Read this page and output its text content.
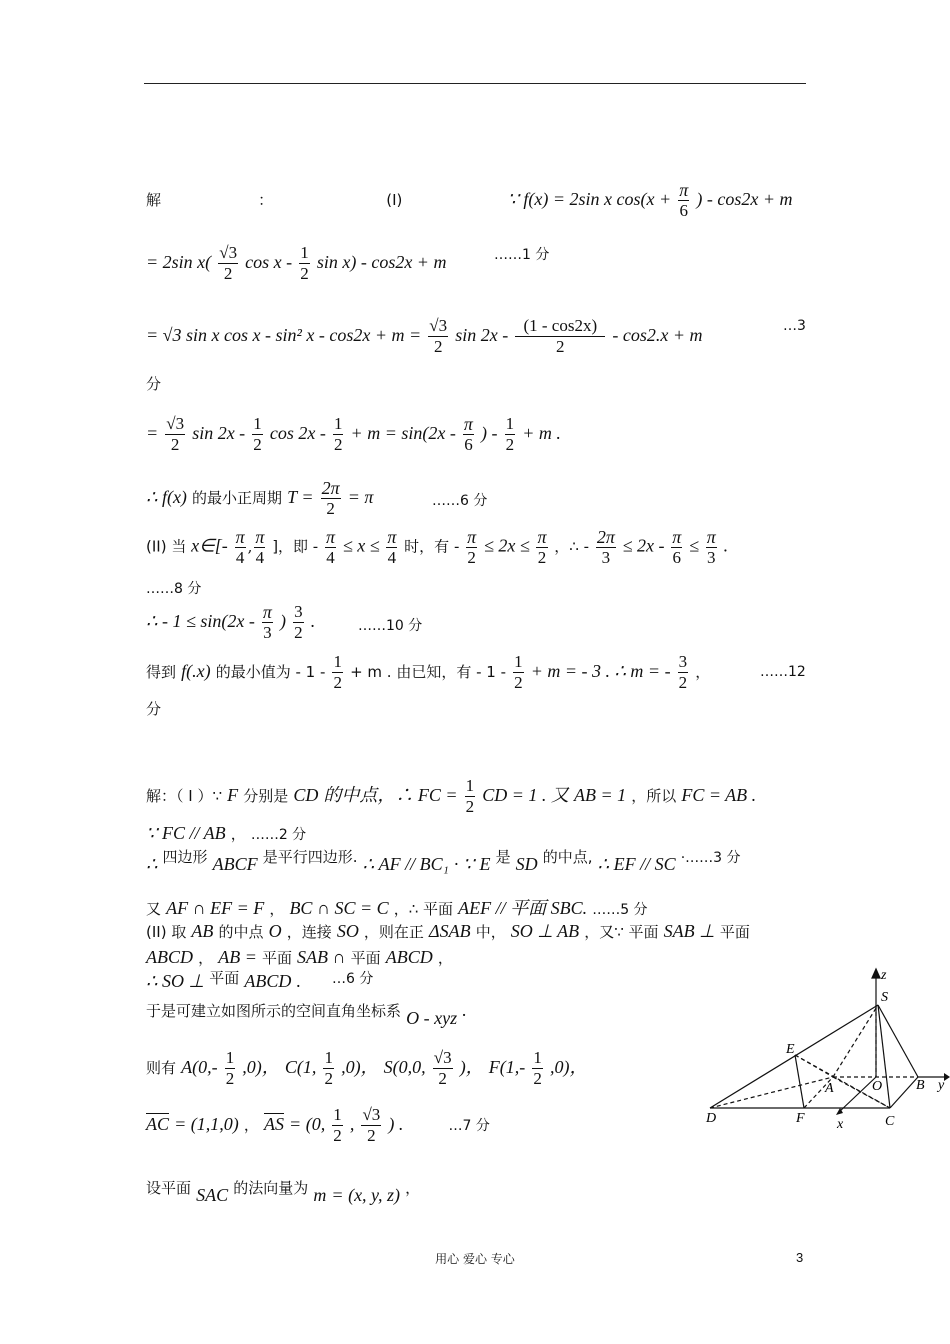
解	：	(I)	∵ f(x) = 2sin x $\cos(x + \frac{\pi}{6}$ ) - cos2x + m
= 2sin $x( \frac{√3}{2}$ cos x - $\frac{1}{2}$ sin x) - cos2x + m	……1 分
= √3 sin x cos x - sin² $x - \cos 2x + m = \frac{√3}{2}$ $\sin 2x - \frac{(1 - \cos 2x)}{2} - \cos 2.x + m$	…3
分
= $\frac{√3}{2}$ $\sin 2x - \frac{1}{2}$ $\cos 2x - \frac{1}{2} + m = \sin(2x - \frac{\pi}{6}$ ) - $\frac{1}{2} + m$ .
∴ f(x) 的最小正周期 $T = \frac{2\pi}{2} = \pi$	……6 分
(II) 当 x∈[- $\frac{\pi}{4}$ , $\frac{\pi}{4}$ ]，即 - $\frac{\pi}{4} \le x \le \frac{\pi}{4}$ 时，有 - $\frac{\pi}{2} \le 2x \le \frac{\pi}{2}$ ，∴ - $\frac{2\pi}{3} \le 2x - \frac{\pi}{6} \le \frac{\pi}{3}$ .
……8 分
∴ - $1 \le \sin(2x - \frac{\pi}{3}$ ) $\frac{3}{2}$ .	……10 分
得到 f(.x) 的最小值为 - $1 - \frac{1}{2} + m$ . 由已知，有 - $1 - \frac{1}{2} + m$ = - 3 . ∴ m = - $\frac{3}{2}$ ，	……12
分
解：（ I ）∵ F 分别是 CD 的中点，∴ FC = $\frac{1}{2}$ CD = 1 . 又 AB = 1 ，所以 FC = AB .
∵ FC // AB ， ……2 分
∴ 四边形 ABCF 是平行四边形. ∴ AF // BC₁ · ∵ E 是 SD 的中点, ∴ EF // SC ·……3 分
又 AF ∩ EF = F ， BC ∩ SC = C ，∴ 平面 AEF // 平面 SBC. ……5 分
(II) 取 AB 的中点 O ，连接 SO ，则在正 ΔSAB 中， SO ⊥ AB ，又∵ 平面 SAB ⊥ 平面
ABCD ， AB = 平面 SAB ∩ 平面 ABCD ，
∴ SO ⊥ 平面 ABCD . …6 分
于是可建立如图所示的空间直角坐标系 O - xyz .
则有 $A(0,- \frac{1}{2} ,0)$， C(1, $\frac{1}{2} ,0$)， S(0,0, $\frac{√3}{2}$ )， $F(1,- \frac{1}{2} ,0)$，
AC = (1,1,0) ， AS = (0, $\frac{1}{2}$ , $\frac{√3}{2}$ ) .	…7 分
设平面 SAC 的法向量为 m = (x, y, z) ，
z
S
E
A	O B y
D	F	C
x
用心 爱心 专心	3
